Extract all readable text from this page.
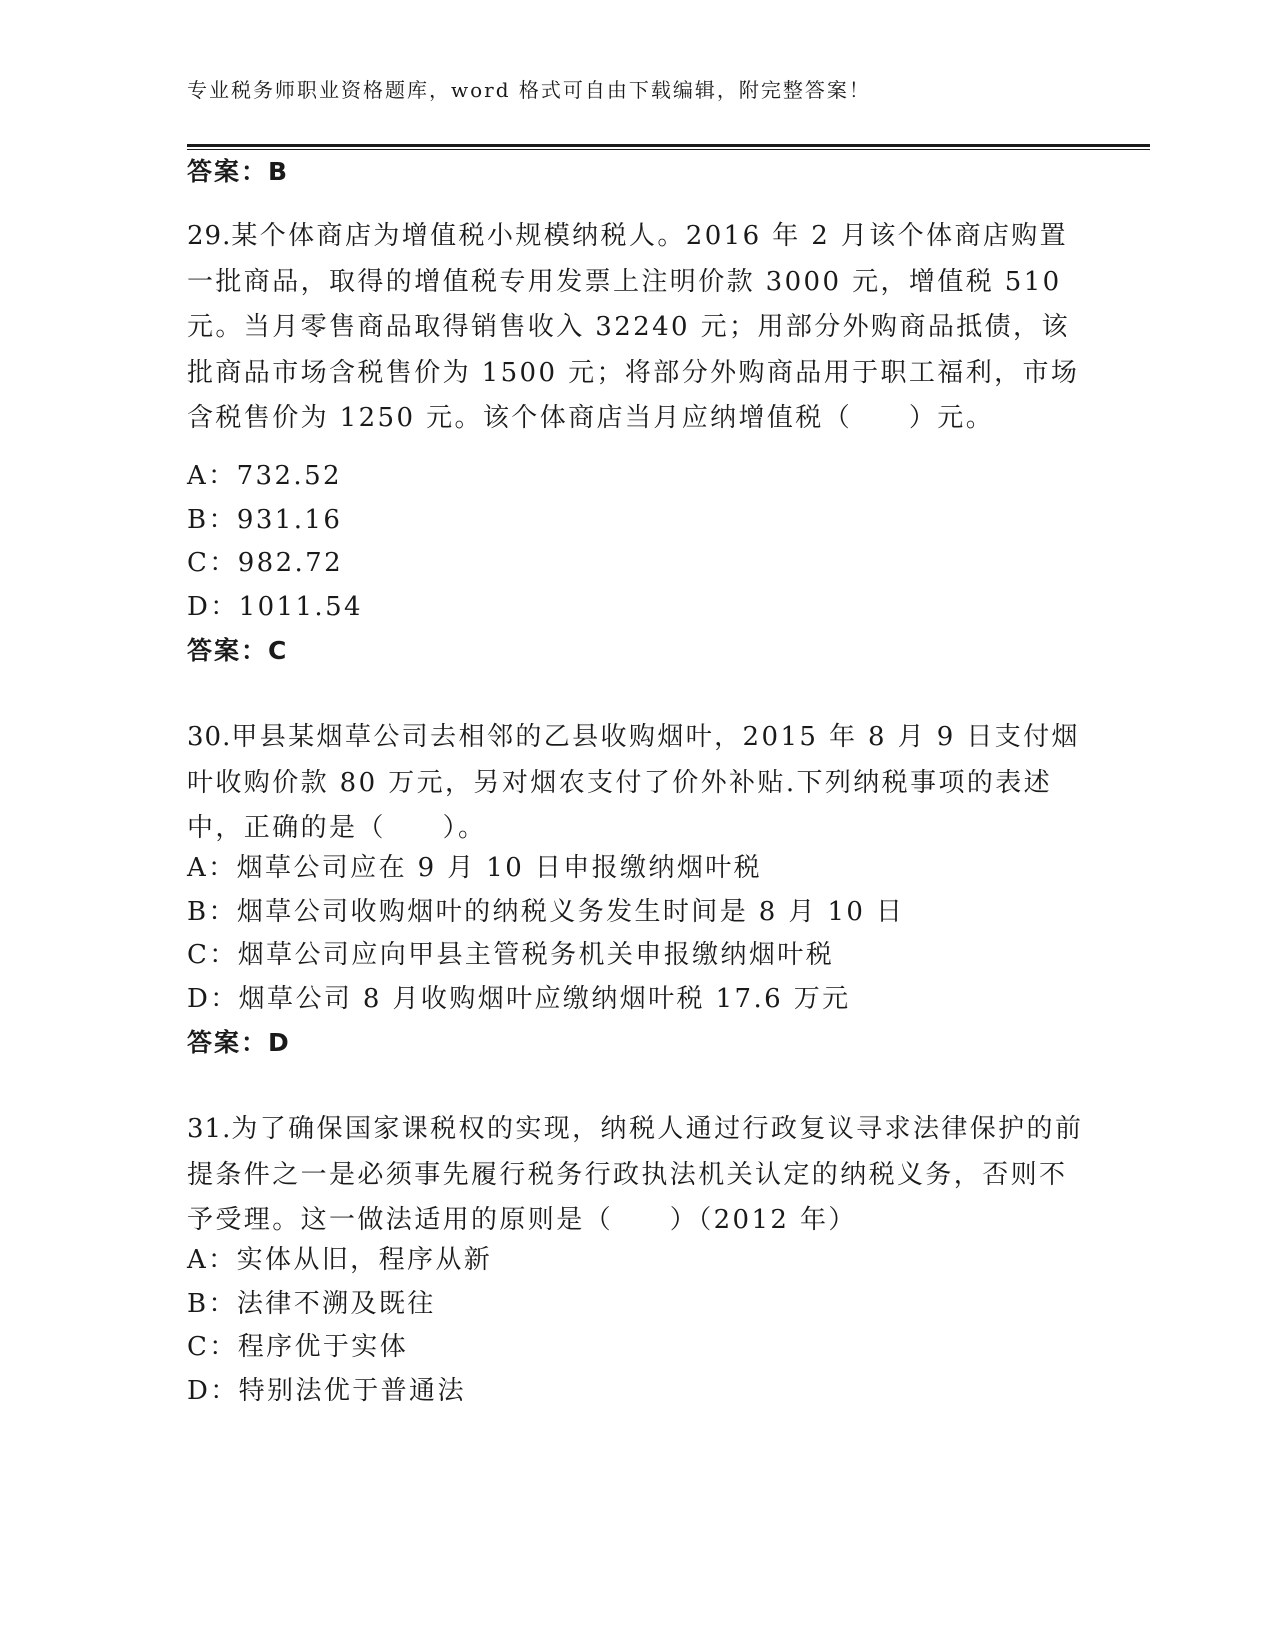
专业税务师职业资格题库，word 格式可自由下载编辑，附完整答案！
答案：B
29.某个体商店为增值税小规模纳税人。2016 年 2 月该个体商店购置一批商品，取得的增值税专用发票上注明价款 3000 元，增值税 510 元。当月零售商品取得销售收入 32240 元；用部分外购商品抵债，该批商品市场含税售价为 1500 元；将部分外购商品用于职工福利，市场含税售价为 1250 元。该个体商店当月应纳增值税（　　）元。
A：732.52
B：931.16
C：982.72
D：1011.54
答案：C
30.甲县某烟草公司去相邻的乙县收购烟叶，2015 年 8 月 9 日支付烟叶收购价款 80 万元，另对烟农支付了价外补贴.下列纳税事项的表述中，正确的是（　　）。
A：烟草公司应在 9 月 10 日申报缴纳烟叶税
B：烟草公司收购烟叶的纳税义务发生时间是 8 月 10 日
C：烟草公司应向甲县主管税务机关申报缴纳烟叶税
D：烟草公司 8 月收购烟叶应缴纳烟叶税 17.6 万元
答案：D
31.为了确保国家课税权的实现，纳税人通过行政复议寻求法律保护的前提条件之一是必须事先履行税务行政执法机关认定的纳税义务，否则不予受理。这一做法适用的原则是（　　）（2012 年）
A：实体从旧，程序从新
B：法律不溯及既往
C：程序优于实体
D：特别法优于普通法
